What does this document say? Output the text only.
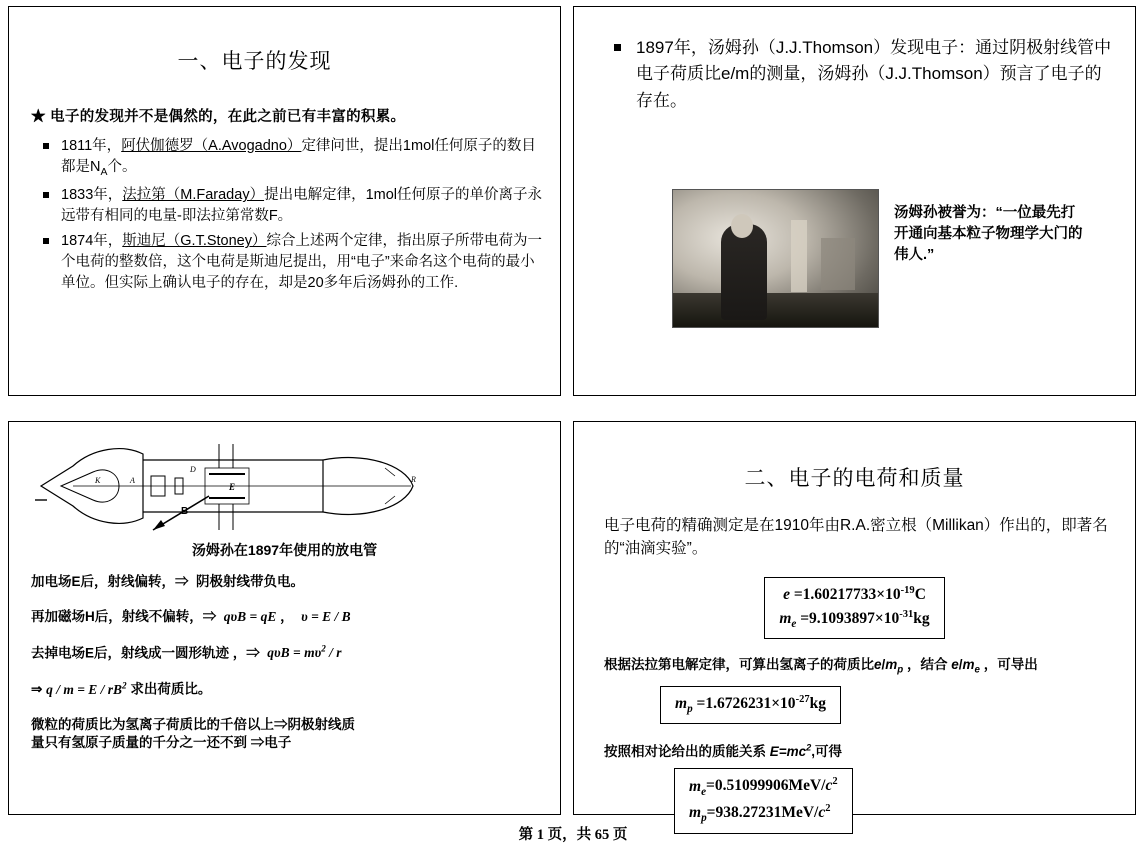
一、电子的发现
★ 电子的发现并不是偶然的，在此之前已有丰富的积累。
1811年，阿伏伽德罗（A.Avogadno）定律问世，提出1mol任何原子的数目都是$N_A$个。
1833年，法拉第（M.Faraday）提出电解定律，1mol任何原子的单价离子永远带有相同的电量-即法拉第常数F。
1874年，斯迪尼（G.T.Stoney）综合上述两个定律，指出原子所带电荷为一个电荷的整数倍，这个电荷是斯迪尼提出，用“电子”来命名这个电荷的最小单位。但实际上确认电子的存在，却是20多年后汤姆孙的工作.
1897年，汤姆孙（J.J.Thomson）发现电子：通过阴极射线管中电子荷质比e/m的测量，汤姆孙（J.J.Thomson）预言了电子的存在。
汤姆孙被誉为：“一位最先打开通向基本粒子物理学大门的伟人.”
K	A
D
E
B
R
汤姆孙在1897年使用的放电管
加电场E后，射线偏转，⇒  阴极射线带负电。
再加磁场H后，射线不偏转，⇒  qυB = qE ，  υ = E / B
去掉电场E后，射线成一圆形轨迹 ，⇒  $q\upsilon B = m\upsilon^2 / r$
⇒ $q / m = E / rB^2$ 求出荷质比。
微粒的荷质比为氢离子荷质比的千倍以上⇒阴极射线质
量只有氢原子质量的千分之一还不到 ⇒电子
二、电子的电荷和质量
电子电荷的精确测定是在1910年由R.A.密立根（Millikan）作出的，即著名的“油滴实验”。
$e =1.60217733\times 10^{-19}C$
$m_e =9.1093897\times 10^{-31}kg$
根据法拉第电解定律，可算出氢离子的荷质比$e/m_p$ ，结合 $e/m_e$ ，可导出
$m_p =1.6726231\times 10^{-27}kg$
按照相对论给出的质能关系 $E=mc^2$,可得
$m_e=0.51099906MeV/c^2$
$m_p=938.27231MeV/c^2$
第 1 页，共 65 页
